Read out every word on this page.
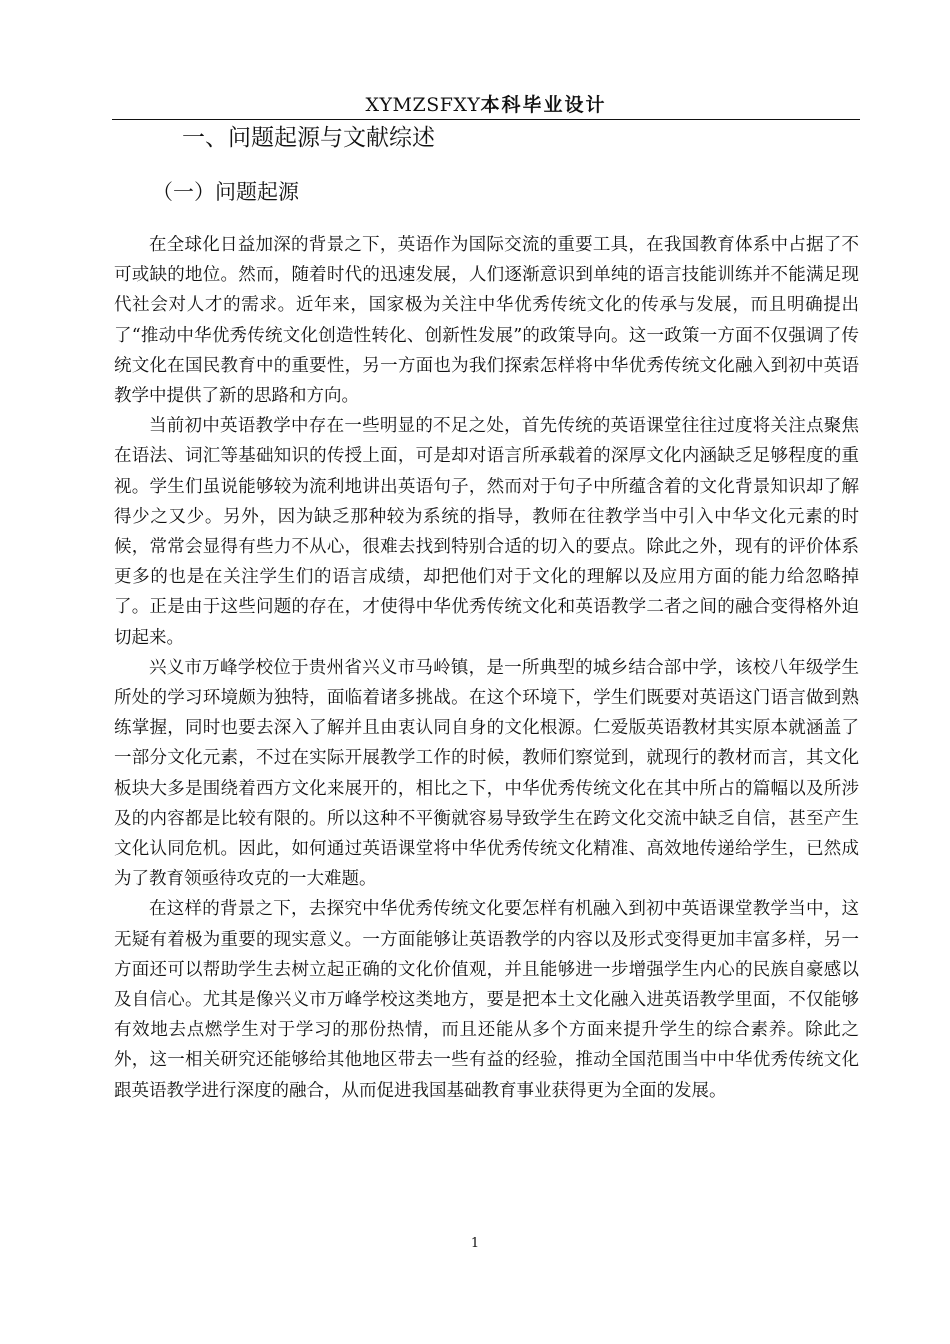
XYMZSFXY本科毕业设计
一、问题起源与文献综述
（一）问题起源

在全球化日益加深的背景之下，英语作为国际交流的重要工具，在我国教育体系中占据了不可或缺的地位。然而，随着时代的迅速发展，人们逐渐意识到单纯的语言技能训练并不能满足现代社会对人才的需求。近年来，国家极为关注中华优秀传统文化的传承与发展，而且明确提出了“推动中华优秀传统文化创造性转化、创新性发展”的政策导向。这一政策一方面不仅强调了传统文化在国民教育中的重要性，另一方面也为我们探索怎样将中华优秀传统文化融入到初中英语教学中提供了新的思路和方向。

当前初中英语教学中存在一些明显的不足之处，首先传统的英语课堂往往过度将关注点聚焦在语法、词汇等基础知识的传授上面，可是却对语言所承载着的深厚文化内涵缺乏足够程度的重视。学生们虽说能够较为流利地讲出英语句子，然而对于句子中所蕴含着的文化背景知识却了解得少之又少。另外，因为缺乏那种较为系统的指导，教师在往教学当中引入中华文化元素的时候，常常会显得有些力不从心，很难去找到特别合适的切入的要点。除此之外，现有的评价体系更多的也是在关注学生们的语言成绩，却把他们对于文化的理解以及应用方面的能力给忽略掉了。正是由于这些问题的存在，才使得中华优秀传统文化和英语教学二者之间的融合变得格外迫切起来。

兴义市万峰学校位于贵州省兴义市马岭镇，是一所典型的城乡结合部中学，该校八年级学生所处的学习环境颇为独特，面临着诸多挑战。在这个环境下，学生们既要对英语这门语言做到熟练掌握，同时也要去深入了解并且由衷认同自身的文化根源。仁爱版英语教材其实原本就涵盖了一部分文化元素，不过在实际开展教学工作的时候，教师们察觉到，就现行的教材而言，其文化板块大多是围绕着西方文化来展开的，相比之下，中华优秀传统文化在其中所占的篇幅以及所涉及的内容都是比较有限的。所以这种不平衡就容易导致学生在跨文化交流中缺乏自信，甚至产生文化认同危机。因此，如何通过英语课堂将中华优秀传统文化精准、高效地传递给学生，已然成为了教育领亟待攻克的一大难题。

在这样的背景之下，去探究中华优秀传统文化要怎样有机融入到初中英语课堂教学当中，这无疑有着极为重要的现实意义。一方面能够让英语教学的内容以及形式变得更加丰富多样，另一方面还可以帮助学生去树立起正确的文化价值观，并且能够进一步增强学生内心的民族自豪感以及自信心。尤其是像兴义市万峰学校这类地方，要是把本土文化融入进英语教学里面，不仅能够有效地去点燃学生对于学习的那份热情，而且还能从多个方面来提升学生的综合素养。除此之外，这一相关研究还能够给其他地区带去一些有益的经验，推动全国范围当中中华优秀传统文化跟英语教学进行深度的融合，从而促进我国基础教育事业获得更为全面的发展。

1
